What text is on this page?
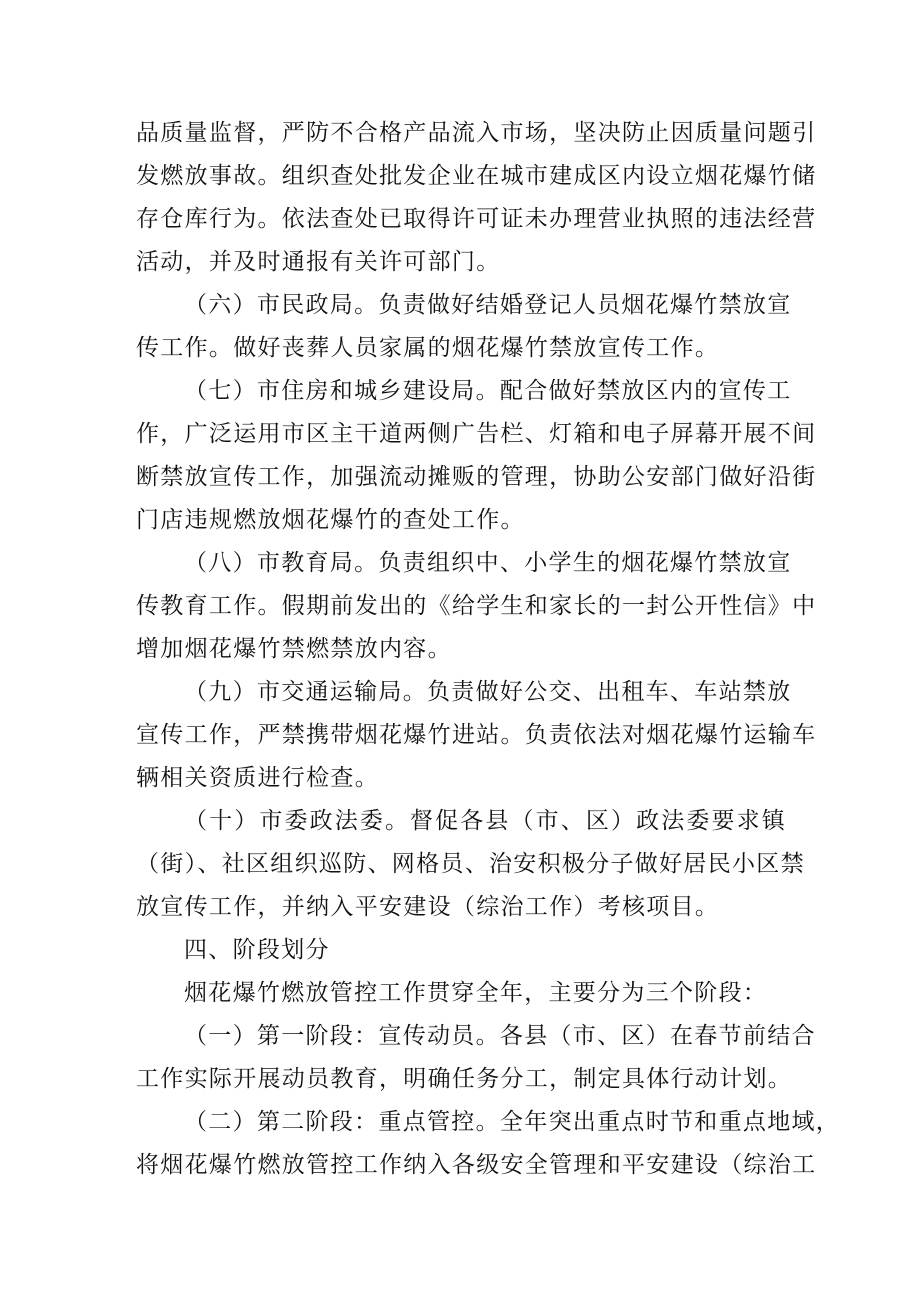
品质量监督，严防不合格产品流入市场，坚决防止因质量问题引
发燃放事故。组织查处批发企业在城市建成区内设立烟花爆竹储
存仓库行为。依法查处已取得许可证未办理营业执照的违法经营
活动，并及时通报有关许可部门。
（六）市民政局。负责做好结婚登记人员烟花爆竹禁放宣
传工作。做好丧葬人员家属的烟花爆竹禁放宣传工作。
（七）市住房和城乡建设局。配合做好禁放区内的宣传工
作，广泛运用市区主干道两侧广告栏、灯箱和电子屏幕开展不间
断禁放宣传工作，加强流动摊贩的管理，协助公安部门做好沿街
门店违规燃放烟花爆竹的查处工作。
（八）市教育局。负责组织中、小学生的烟花爆竹禁放宣
传教育工作。假期前发出的《给学生和家长的一封公开性信》中
增加烟花爆竹禁燃禁放内容。
（九）市交通运输局。负责做好公交、出租车、车站禁放
宣传工作，严禁携带烟花爆竹进站。负责依法对烟花爆竹运输车
辆相关资质进行检查。
（十）市委政法委。督促各县（市、区）政法委要求镇
（街）、社区组织巡防、网格员、治安积极分子做好居民小区禁
放宣传工作，并纳入平安建设（综治工作）考核项目。
四、阶段划分
烟花爆竹燃放管控工作贯穿全年，主要分为三个阶段：
（一）第一阶段：宣传动员。各县（市、区）在春节前结合
工作实际开展动员教育，明确任务分工，制定具体行动计划。
（二）第二阶段：重点管控。全年突出重点时节和重点地域，
将烟花爆竹燃放管控工作纳入各级安全管理和平安建设（综治工
